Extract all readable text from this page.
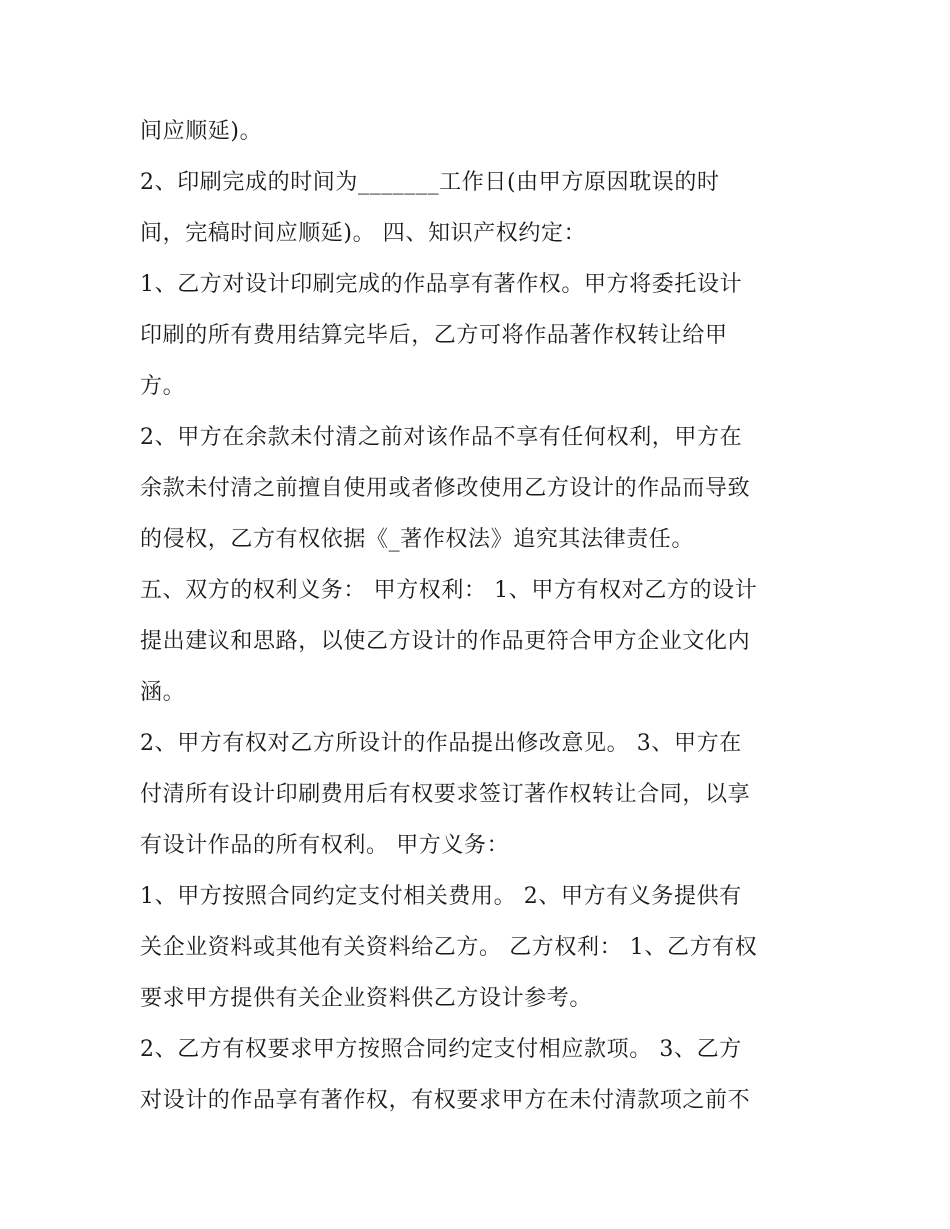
间应顺延)。
2、印刷完成的时间为_______工作日(由甲方原因耽误的时
间，完稿时间应顺延)。 四、知识产权约定：
1、乙方对设计印刷完成的作品享有著作权。甲方将委托设计
印刷的所有费用结算完毕后，乙方可将作品著作权转让给甲
方。
2、甲方在余款未付清之前对该作品不享有任何权利，甲方在
余款未付清之前擅自使用或者修改使用乙方设计的作品而导致
的侵权，乙方有权依据《_著作权法》追究其法律责任。
五、双方的权利义务： 甲方权利： 1、甲方有权对乙方的设计
提出建议和思路，以使乙方设计的作品更符合甲方企业文化内
涵。
2、甲方有权对乙方所设计的作品提出修改意见。 3、甲方在
付清所有设计印刷费用后有权要求签订著作权转让合同，以享
有设计作品的所有权利。 甲方义务：
1、甲方按照合同约定支付相关费用。 2、甲方有义务提供有
关企业资料或其他有关资料给乙方。 乙方权利： 1、乙方有权
要求甲方提供有关企业资料供乙方设计参考。
2、乙方有权要求甲方按照合同约定支付相应款项。 3、乙方
对设计的作品享有著作权，有权要求甲方在未付清款项之前不
